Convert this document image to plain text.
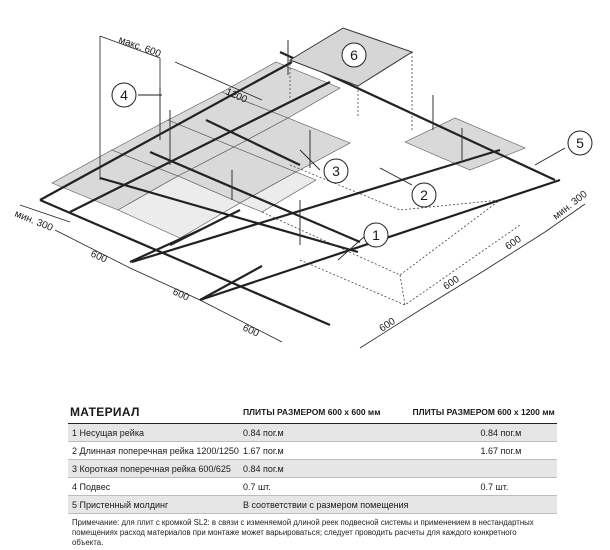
макс. 600
1200
мин. 300
600
600
600	600
600
600
мин. 300
1
2
3
4
5
6
МАТЕРИАЛ	ПЛИТЫ РАЗМЕРОМ 600 x 600 мм	ПЛИТЫ РАЗМЕРОМ 600 x 1200 мм
1 Несущая рейка	0.84 пог.м	0.84 пог.м
2 Длинная поперечная рейка 1200/1250	1.67 пог.м	1.67 пог.м
3 Короткая поперечная рейка 600/625	0.84 пог.м	
4 Подвес	0.7 шт.	0.7 шт.
5 Пристенный молдинг	В соответствии с размером помещения	
Примечание: для плит с кромкой SL2: в связи с изменяемой длиной реек подвесной системы и применением в нестандартных помещениях расход материалов при монтаже может варьироваться; следует проводить расчеты для каждого конкретного объекта.
